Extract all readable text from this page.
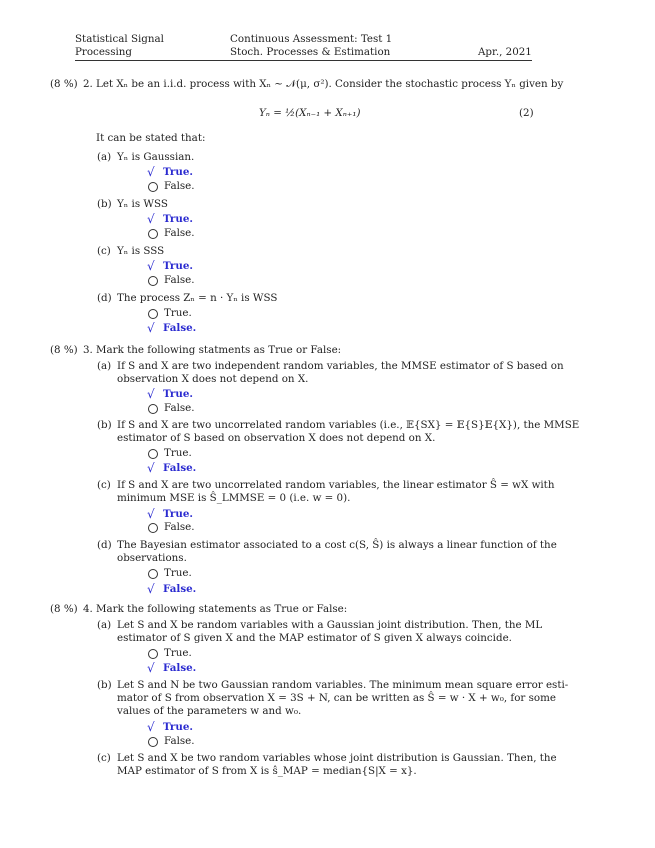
Statistical Signal
Processing
Continuous Assessment: Test 1
Stoch. Processes & Estimation	Apr., 2021
(8 %) 2. Let Xₙ be an i.i.d. process with Xₙ ∼ 𝒩(μ, σ²). Consider the stochastic process Yₙ given by
Yₙ = ½(Xₙ₋₁ + Xₙ₊₁)	(2)
It can be stated that:
(a) Yₙ is Gaussian.
√ True.
False.
(b) Yₙ is WSS
√ True.
False.
(c) Yₙ is SSS
√ True.
False.
(d) The process Zₙ = n · Yₙ is WSS
True.
√ False.
(8 %) 3. Mark the following statments as True or False:
(a) If S and X are two independent random variables, the MMSE estimator of S based on
observation X does not depend on X.
√ True.
False.
(b) If S and X are two uncorrelated random variables (i.e., 𝔼{SX} = 𝔼{S}𝔼{X}), the MMSE
estimator of S based on observation X does not depend on X.
True.
√ False.
(c) If S and X are two uncorrelated random variables, the linear estimator Ŝ = wX with
minimum MSE is Ŝ_LMMSE = 0 (i.e. w = 0).
√ True.
False.
(d) The Bayesian estimator associated to a cost c(S, Ŝ) is always a linear function of the
observations.
True.
√ False.
(8 %) 4. Mark the following statements as True or False:
(a) Let S and X be random variables with a Gaussian joint distribution. Then, the ML
estimator of S given X and the MAP estimator of S given X always coincide.
True.
√ False.
(b) Let S and N be two Gaussian random variables. The minimum mean square error esti-
mator of S from observation X = 3S + N, can be written as Ŝ = w · X + w₀, for some
values of the parameters w and w₀.
√ True.
False.
(c) Let S and X be two random variables whose joint distribution is Gaussian. Then, the
MAP estimator of S from X is ŝ_MAP = median{S|X = x}.
